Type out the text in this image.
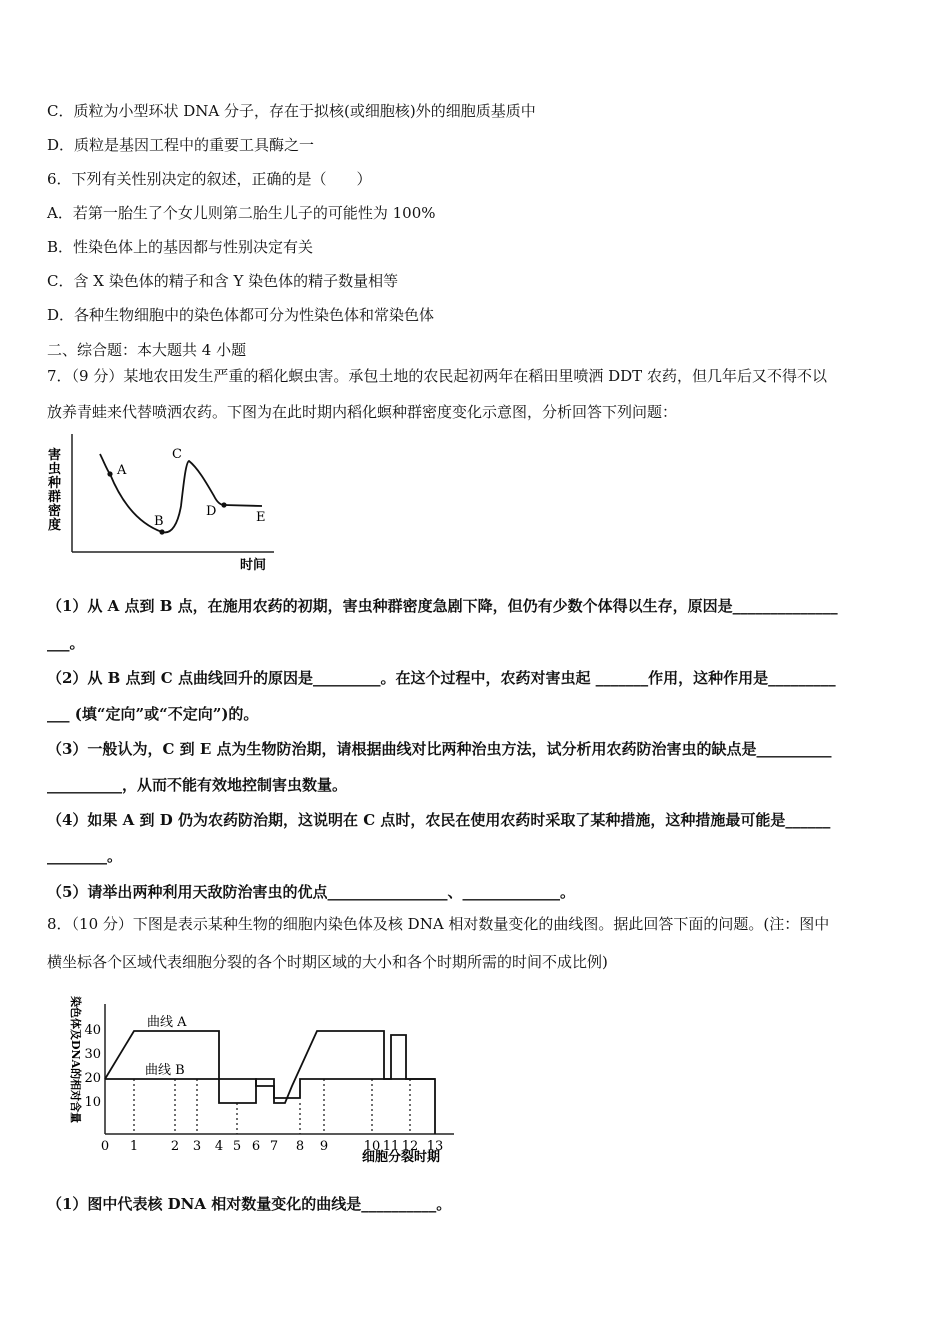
C．质粒为小型环状 DNA 分子，存在于拟核(或细胞核)外的细胞质基质中
D．质粒是基因工程中的重要工具酶之一
6．下列有关性别决定的叙述，正确的是（　　）
A．若第一胎生了个女儿则第二胎生儿子的可能性为 100%
B．性染色体上的基因都与性别决定有关
C．含 X 染色体的精子和含 Y 染色体的精子数量相等
D．各种生物细胞中的染色体都可分为性染色体和常染色体
二、综合题：本大题共 4 小题
7．（9 分）某地农田发生严重的稻化螟虫害。承包土地的农民起初两年在稻田里喷洒 DDT 农药，但几年后又不得不以
放养青蛙来代替喷洒农药。下图为在此时期内稻化螟种群密度变化示意图，分析回答下列问题：
害
虫
种
群
密
度
A
B
C
D	E
时间
（1）从 A 点到 B 点，在施用农药的初期，害虫种群密度急剧下降，但仍有少数个体得以生存，原因是______________
___。
（2）从 B 点到 C 点曲线回升的原因是_________。在这个过程中，农药对害虫起 _______作用，这种作用是_________
___ (填“定向”或“不定向”)的。
（3）一般认为，C 到 E 点为生物防治期，请根据曲线对比两种治虫方法，试分析用农药防治害虫的缺点是__________
__________，从而不能有效地控制害虫数量。
（4）如果 A 到 D 仍为农药防治期，这说明在 C 点时，农民在使用农药时采取了某种措施，这种措施最可能是______
________。
（5）请举出两种利用天敌防治害虫的优点________________、_____________。
8．（10 分）下图是表示某种生物的细胞内染色体及核 DNA 相对数量变化的曲线图。据此回答下面的问题。(注：图中
横坐标各个区域代表细胞分裂的各个时期区域的大小和各个时期所需的时间不成比例)
染色体及DNA的相对含量 40
30
20
10
0 1	2 3 4 5 6 7 8 9	10 11 12 13
曲线 A
曲线 B
细胞分裂时期
（1）图中代表核 DNA 相对数量变化的曲线是__________。
